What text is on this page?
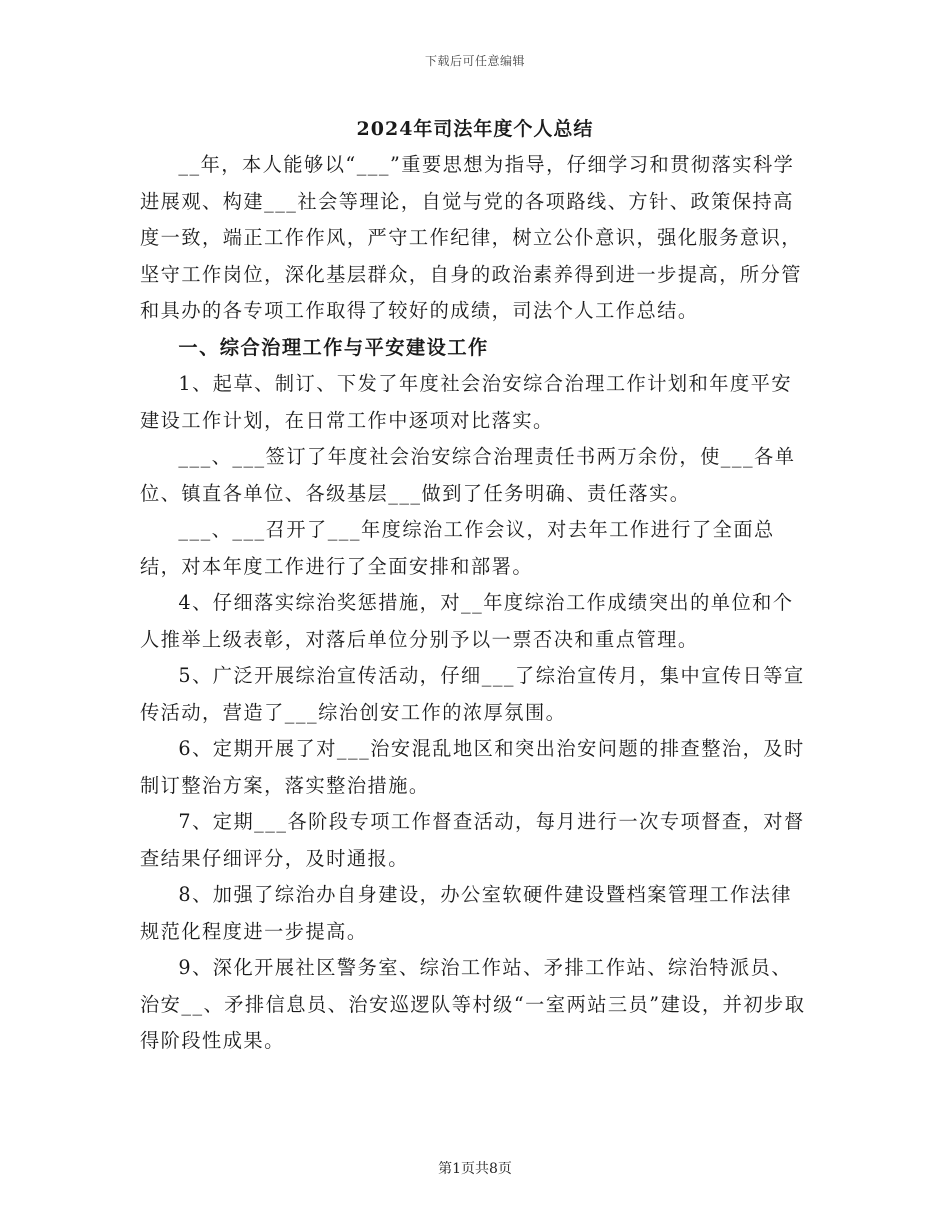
下载后可任意编辑
2024年司法年度个人总结

__年，本人能够以“___”重要思想为指导，仔细学习和贯彻落实科学进展观、构建___社会等理论，自觉与党的各项路线、方针、政策保持高度一致，端正工作作风，严守工作纪律，树立公仆意识，强化服务意识，坚守工作岗位，深化基层群众，自身的政治素养得到进一步提高，所分管和具办的各专项工作取得了较好的成绩，司法个人工作总结。

一、综合治理工作与平安建设工作

1、起草、制订、下发了年度社会治安综合治理工作计划和年度平安建设工作计划，在日常工作中逐项对比落实。

___、___签订了年度社会治安综合治理责任书两万余份，使___各单位、镇直各单位、各级基层___做到了任务明确、责任落实。

___、___召开了___年度综治工作会议，对去年工作进行了全面总结，对本年度工作进行了全面安排和部署。

4、仔细落实综治奖惩措施，对__年度综治工作成绩突出的单位和个人推举上级表彰，对落后单位分别予以一票否决和重点管理。

5、广泛开展综治宣传活动，仔细___了综治宣传月，集中宣传日等宣传活动，营造了___综治创安工作的浓厚氛围。

6、定期开展了对___治安混乱地区和突出治安问题的排查整治，及时制订整治方案，落实整治措施。

7、定期___各阶段专项工作督查活动，每月进行一次专项督查，对督查结果仔细评分，及时通报。

8、加强了综治办自身建设，办公室软硬件建设暨档案管理工作法律规范化程度进一步提高。

9、深化开展社区警务室、综治工作站、矛排工作站、综治特派员、治安__、矛排信息员、治安巡逻队等村级“一室两站三员”建设，并初步取得阶段性成果。

第1页共8页
